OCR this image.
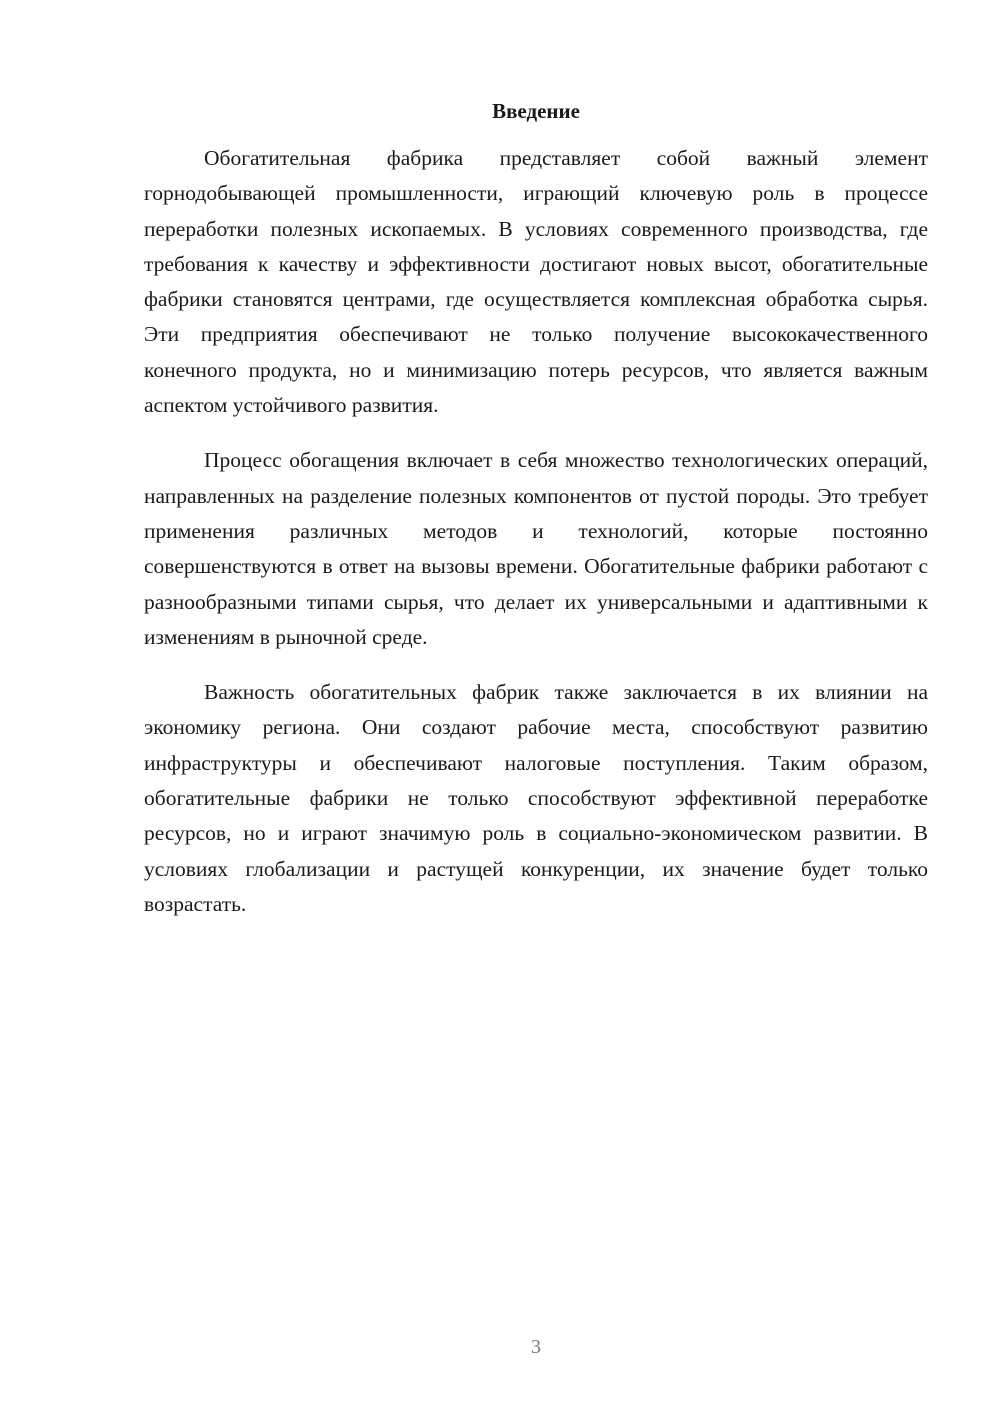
Введение

Обогатительная фабрика представляет собой важный элемент горнодобывающей промышленности, играющий ключевую роль в процессе переработки полезных ископаемых. В условиях современного производства, где требования к качеству и эффективности достигают новых высот, обогатительные фабрики становятся центрами, где осуществляется комплексная обработка сырья. Эти предприятия обеспечивают не только получение высококачественного конечного продукта, но и минимизацию потерь ресурсов, что является важным аспектом устойчивого развития.

Процесс обогащения включает в себя множество технологических операций, направленных на разделение полезных компонентов от пустой породы. Это требует применения различных методов и технологий, которые постоянно совершенствуются в ответ на вызовы времени. Обогатительные фабрики работают с разнообразными типами сырья, что делает их универсальными и адаптивными к изменениям в рыночной среде.

Важность обогатительных фабрик также заключается в их влиянии на экономику региона. Они создают рабочие места, способствуют развитию инфраструктуры и обеспечивают налоговые поступления. Таким образом, обогатительные фабрики не только способствуют эффективной переработке ресурсов, но и играют значимую роль в социально-экономическом развитии. В условиях глобализации и растущей конкуренции, их значение будет только возрастать.

3
